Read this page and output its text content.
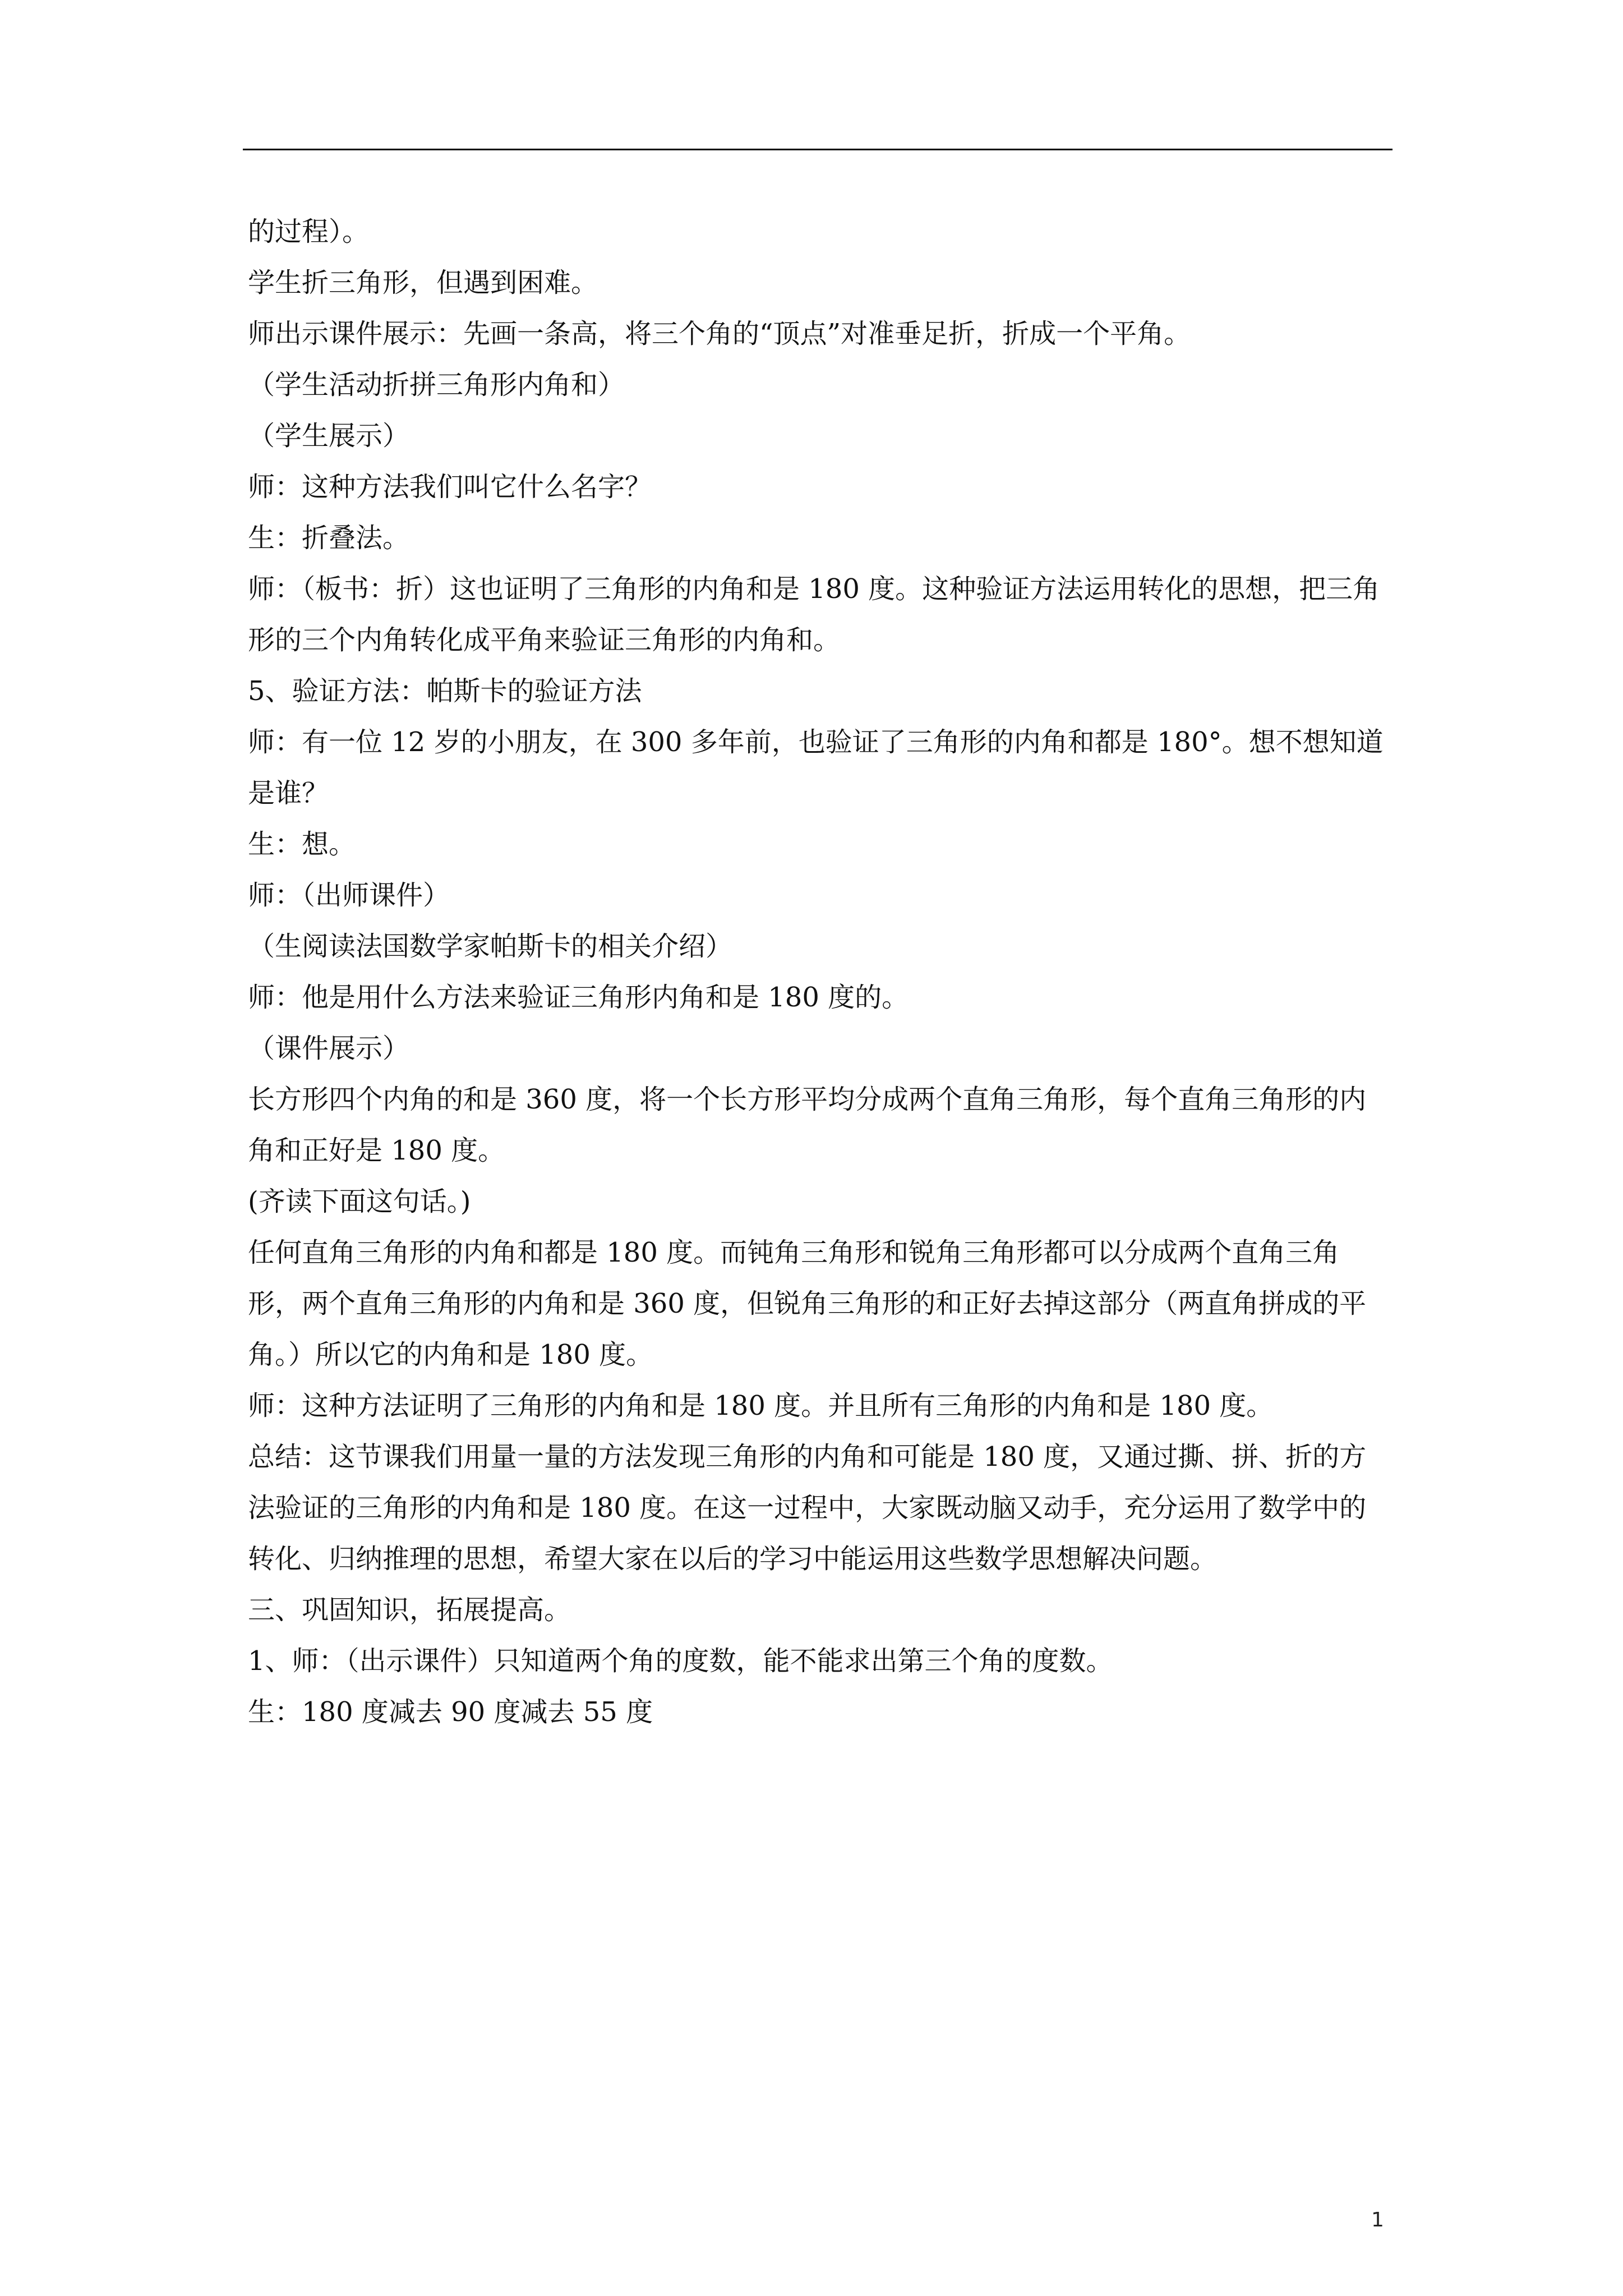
的过程）。

学生折三角形，但遇到困难。

师出示课件展示：先画一条高，将三个角的“顶点”对准垂足折，折成一个平角。

（学生活动折拼三角形内角和）

（学生展示）

师：这种方法我们叫它什么名字？

生：折叠法。

师：（板书：折）这也证明了三角形的内角和是 180 度。这种验证方法运用转化的思想，把三角形的三个内角转化成平角来验证三角形的内角和。

5、验证方法：帕斯卡的验证方法

师：有一位 12 岁的小朋友，在 300 多年前，也验证了三角形的内角和都是 180°。想不想知道是谁？

生：想。

师：（出师课件）

（生阅读法国数学家帕斯卡的相关介绍）

师：他是用什么方法来验证三角形内角和是 180 度的。

（课件展示）

长方形四个内角的和是 360 度，将一个长方形平均分成两个直角三角形，每个直角三角形的内角和正好是 180 度。

(齐读下面这句话。)

任何直角三角形的内角和都是 180 度。而钝角三角形和锐角三角形都可以分成两个直角三角形，两个直角三角形的内角和是 360 度，但锐角三角形的和正好去掉这部分（两直角拼成的平角。）所以它的内角和是 180 度。

师：这种方法证明了三角形的内角和是 180 度。并且所有三角形的内角和是 180 度。

总结：这节课我们用量一量的方法发现三角形的内角和可能是 180 度，又通过撕、拼、折的方法验证的三角形的内角和是 180 度。在这一过程中，大家既动脑又动手，充分运用了数学中的转化、归纳推理的思想，希望大家在以后的学习中能运用这些数学思想解决问题。

三、巩固知识，拓展提高。

1、师：（出示课件）只知道两个角的度数，能不能求出第三个角的度数。

生：180 度减去 90 度减去 55 度

1
